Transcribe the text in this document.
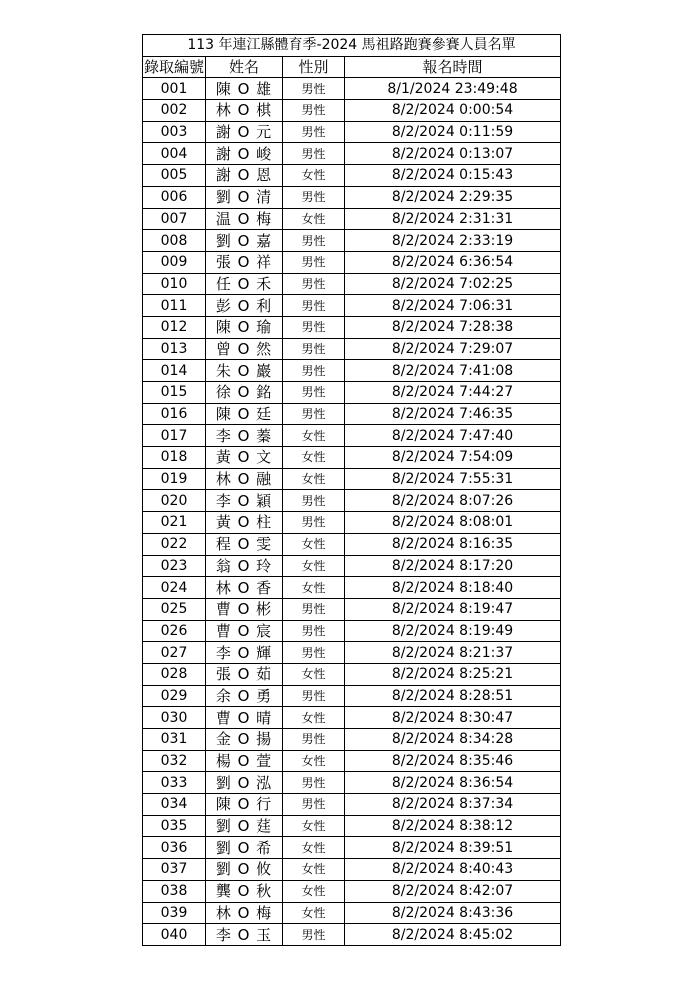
113 年連江縣體育季-2024 馬祖路跑賽參賽人員名單			
錄取編號	姓名	性別	報名時間
001	陳 O 雄	男性	8/1/2024 23:49:48
002	林 O 棋	男性	8/2/2024 0:00:54
003	謝 O 元	男性	8/2/2024 0:11:59
004	謝 O 峻	男性	8/2/2024 0:13:07
005	謝 O 恩	女性	8/2/2024 0:15:43
006	劉 O 清	男性	8/2/2024 2:29:35
007	温 O 梅	女性	8/2/2024 2:31:31
008	劉 O 嘉	男性	8/2/2024 2:33:19
009	張 O 祥	男性	8/2/2024 6:36:54
010	任 O 禾	男性	8/2/2024 7:02:25
011	彭 O 利	男性	8/2/2024 7:06:31
012	陳 O 瑜	男性	8/2/2024 7:28:38
013	曾 O 然	男性	8/2/2024 7:29:07
014	朱 O 巖	男性	8/2/2024 7:41:08
015	徐 O 銘	男性	8/2/2024 7:44:27
016	陳 O 廷	男性	8/2/2024 7:46:35
017	李 O 蓁	女性	8/2/2024 7:47:40
018	黃 O 文	女性	8/2/2024 7:54:09
019	林 O 融	女性	8/2/2024 7:55:31
020	李 O 穎	男性	8/2/2024 8:07:26
021	黃 O 柱	男性	8/2/2024 8:08:01
022	程 O 雯	女性	8/2/2024 8:16:35
023	翁 O 玲	女性	8/2/2024 8:17:20
024	林 O 香	女性	8/2/2024 8:18:40
025	曹 O 彬	男性	8/2/2024 8:19:47
026	曹 O 宸	男性	8/2/2024 8:19:49
027	李 O 輝	男性	8/2/2024 8:21:37
028	張 O 茹	女性	8/2/2024 8:25:21
029	余 O 勇	男性	8/2/2024 8:28:51
030	曹 O 晴	女性	8/2/2024 8:30:47
031	金 O 揚	男性	8/2/2024 8:34:28
032	楊 O 萱	女性	8/2/2024 8:35:46
033	劉 O 泓	男性	8/2/2024 8:36:54
034	陳 O 行	男性	8/2/2024 8:37:34
035	劉 O 莛	女性	8/2/2024 8:38:12
036	劉 O 希	女性	8/2/2024 8:39:51
037	劉 O 攸	女性	8/2/2024 8:40:43
038	龔 O 秋	女性	8/2/2024 8:42:07
039	林 O 梅	女性	8/2/2024 8:43:36
040	李 O 玉	男性	8/2/2024 8:45:02
